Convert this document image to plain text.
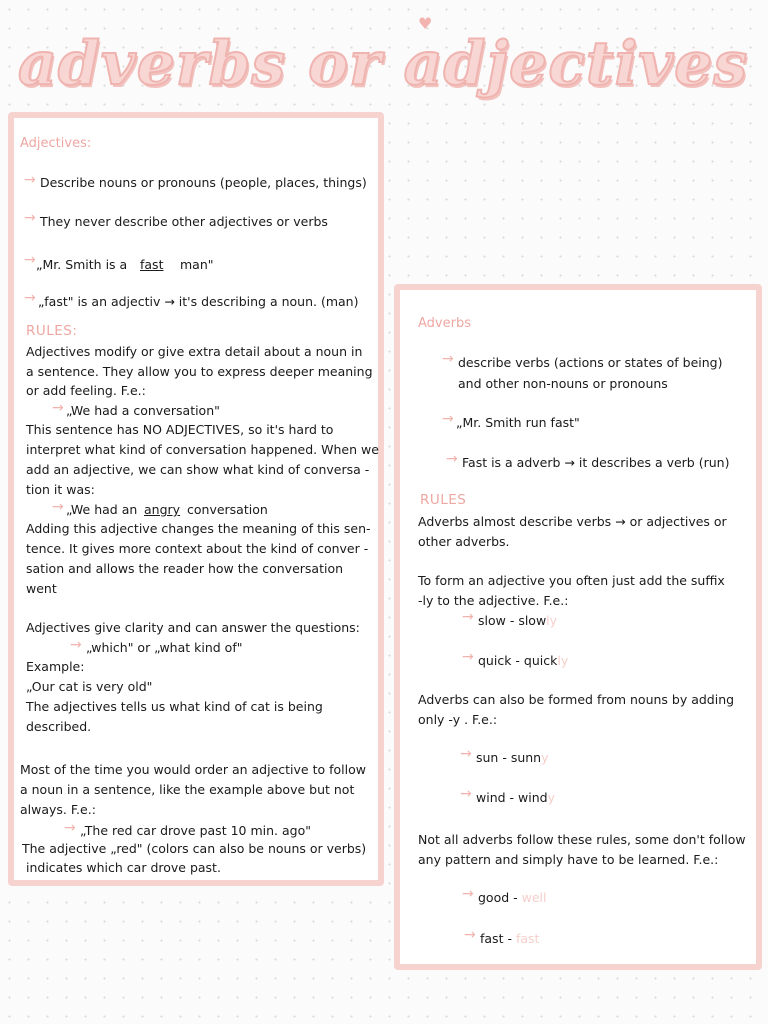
adverbs or adjectives
♥
Adjectives:
→ Describe nouns or pronouns (people, places, things)
→ They never describe other adjectives or verbs
→ „Mr. Smith is a fast man"
→ „fast" is an adjectiv → it's describing a noun. (man)
RULES:
Adjectives modify or give extra detail about a noun in
a sentence. They allow you to express deeper meaning
or add feeling. F.e.:
→ „We had a conversation"
This sentence has NO ADJECTIVES, so it's hard to
interpret what kind of conversation happened. When we
add an adjective, we can show what kind of conversa -
tion it was:
→ „We had an angry conversation
Adding this adjective changes the meaning of this sen-
tence. It gives more context about the kind of conver -
sation and allows the reader how the conversation
went
Adjectives give clarity and can answer the questions:
→ „which" or „what kind of"
Example:
„Our cat is very old"
The adjectives tells us what kind of cat is being
described.
Most of the time you would order an adjective to follow
a noun in a sentence, like the example above but not
always. F.e.:
→ „The red car drove past 10 min. ago"
The adjective „red" (colors can also be nouns or verbs)
indicates which car drove past.
Adverbs
→ describe verbs (actions or states of being)
and other non-nouns or pronouns
→ „Mr. Smith run fast"
→ Fast is a adverb → it describes a verb (run)
RULES
Adverbs almost describe verbs → or adjectives or
other adverbs.
To form an adjective you often just add the suffix
-ly to the adjective. F.e.:
→ slow - slowly
→ quick - quickly
Adverbs can also be formed from nouns by adding
only -y . F.e.:
→ sun - sunny
→ wind - windy
Not all adverbs follow these rules, some don't follow
any pattern and simply have to be learned. F.e.:
→ good - well
→ fast - fast
